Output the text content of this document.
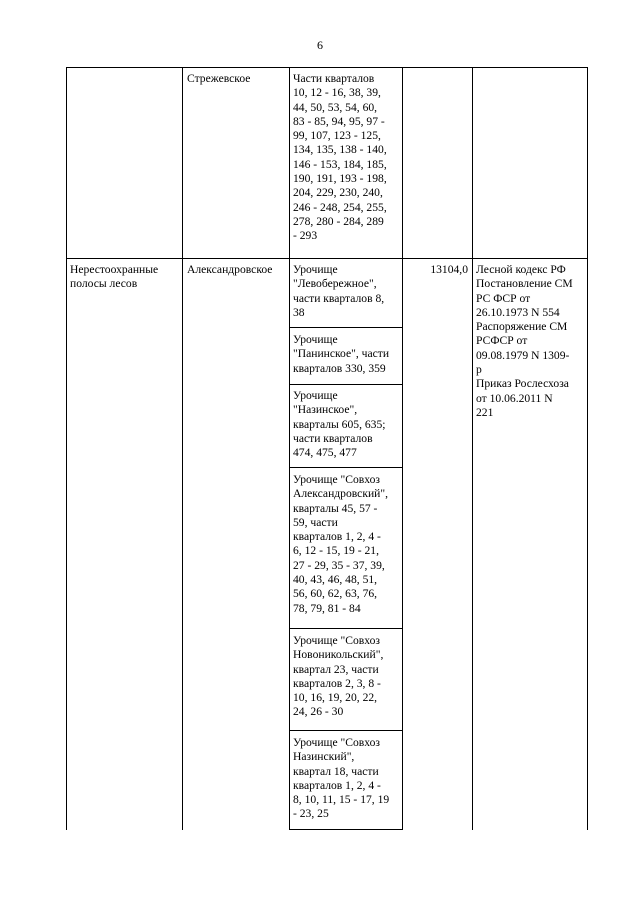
6
Стрежевское	Части кварталов
10, 12 - 16, 38, 39,
44, 50, 53, 54, 60,
83 - 85, 94, 95, 97 -
99, 107, 123 - 125,
134, 135, 138 - 140,
146 - 153, 184, 185,
190, 191, 193 - 198,
204, 229, 230, 240,
246 - 248, 254, 255,
278, 280 - 284, 289
- 293
Нерестоохранные
полосы лесов
Александровское	13104,0 Лесной кодекс РФ
Постановление СМ
РС ФСР от
26.10.1973 N 554
Распоряжение СМ
РСФСР от
09.08.1979 N 1309-
р
Приказ Рослесхоза
от 10.06.2011 N
221
Урочище
"Левобережное",
части кварталов 8,
38
Урочище
"Панинское", части
кварталов 330, 359
Урочище
"Назинское",
кварталы 605, 635;
части кварталов
474, 475, 477
Урочище "Совхоз
Александровский",
кварталы 45, 57 -
59, части
кварталов 1, 2, 4 -
6, 12 - 15, 19 - 21,
27 - 29, 35 - 37, 39,
40, 43, 46, 48, 51,
56, 60, 62, 63, 76,
78, 79, 81 - 84
Урочище "Совхоз
Новоникольский",
квартал 23, части
кварталов 2, 3, 8 -
10, 16, 19, 20, 22,
24, 26 - 30
Урочище "Совхоз
Назинский",
квартал 18, части
кварталов 1, 2, 4 -
8, 10, 11, 15 - 17, 19
- 23, 25
